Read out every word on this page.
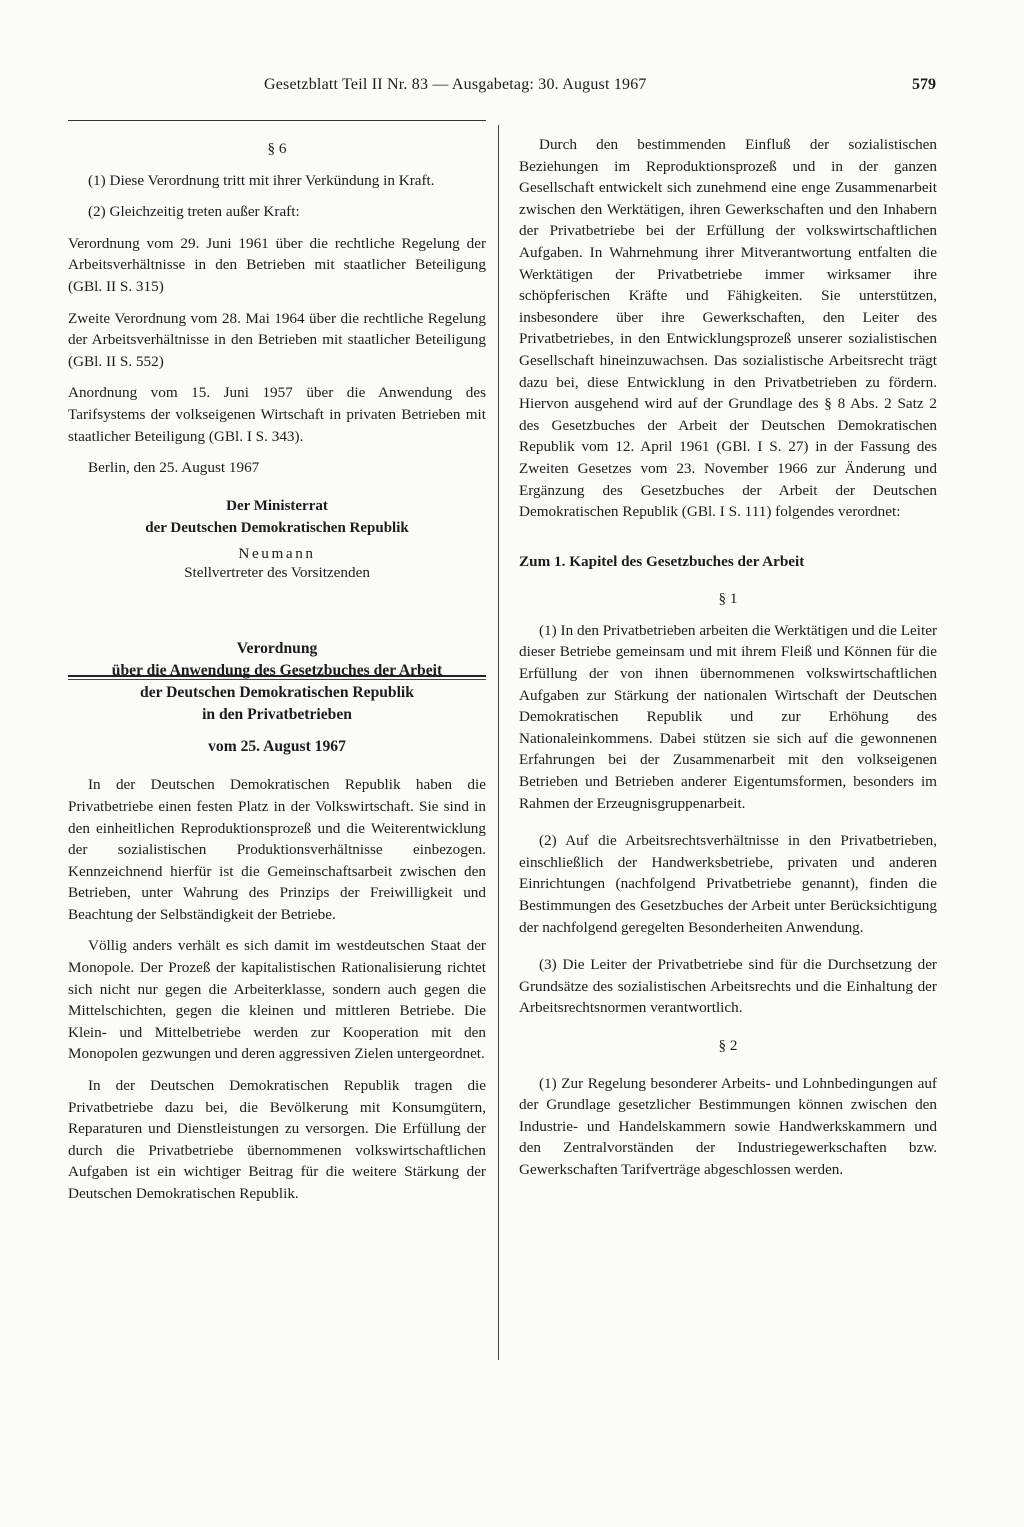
Gesetzblatt Teil II Nr. 83 — Ausgabetag: 30. August 1967	579

§ 6

(1) Diese Verordnung tritt mit ihrer Verkündung in Kraft.

(2) Gleichzeitig treten außer Kraft:

Verordnung vom 29. Juni 1961 über die rechtliche Regelung der Arbeitsverhältnisse in den Betrieben mit staatlicher Beteiligung (GBl. II S. 315)

Zweite Verordnung vom 28. Mai 1964 über die rechtliche Regelung der Arbeitsverhältnisse in den Betrieben mit staatlicher Beteiligung (GBl. II S. 552)

Anordnung vom 15. Juni 1957 über die Anwendung des Tarifsystems der volkseigenen Wirtschaft in privaten Betrieben mit staatlicher Beteiligung (GBl. I S. 343).

Berlin, den 25. August 1967

Der Ministerrat
der Deutschen Demokratischen Republik
Neumann
Stellvertreter des Vorsitzenden

Verordnung

über die Anwendung des Gesetzbuches der Arbeit

der Deutschen Demokratischen Republik

in den Privatbetrieben

vom 25. August 1967

In der Deutschen Demokratischen Republik haben die Privatbetriebe einen festen Platz in der Volkswirtschaft. Sie sind in den einheitlichen Reproduktionsprozeß und die Weiterentwicklung der sozialistischen Produktionsverhältnisse einbezogen. Kennzeichnend hierfür ist die Gemeinschaftsarbeit zwischen den Betrieben, unter Wahrung des Prinzips der Freiwilligkeit und Beachtung der Selbständigkeit der Betriebe.

Völlig anders verhält es sich damit im westdeutschen Staat der Monopole. Der Prozeß der kapitalistischen Rationalisierung richtet sich nicht nur gegen die Arbeiterklasse, sondern auch gegen die Mittelschichten, gegen die kleinen und mittleren Betriebe. Die Klein- und Mittelbetriebe werden zur Kooperation mit den Monopolen gezwungen und deren aggressiven Zielen untergeordnet.

In der Deutschen Demokratischen Republik tragen die Privatbetriebe dazu bei, die Bevölkerung mit Konsumgütern, Reparaturen und Dienstleistungen zu versorgen. Die Erfüllung der durch die Privatbetriebe übernommenen volkswirtschaftlichen Aufgaben ist ein wichtiger Beitrag für die weitere Stärkung der Deutschen Demokratischen Republik.

Durch den bestimmenden Einfluß der sozialistischen Beziehungen im Reproduktionsprozeß und in der ganzen Gesellschaft entwickelt sich zunehmend eine enge Zusammenarbeit zwischen den Werktätigen, ihren Gewerkschaften und den Inhabern der Privatbetriebe bei der Erfüllung der volkswirtschaftlichen Aufgaben. In Wahrnehmung ihrer Mitverantwortung entfalten die Werktätigen der Privatbetriebe immer wirksamer ihre schöpferischen Kräfte und Fähigkeiten. Sie unterstützen, insbesondere über ihre Gewerkschaften, den Leiter des Privatbetriebes, in den Entwicklungsprozeß unserer sozialistischen Gesellschaft hineinzuwachsen. Das sozialistische Arbeitsrecht trägt dazu bei, diese Entwicklung in den Privatbetrieben zu fördern. Hiervon ausgehend wird auf der Grundlage des § 8 Abs. 2 Satz 2 des Gesetzbuches der Arbeit der Deutschen Demokratischen Republik vom 12. April 1961 (GBl. I S. 27) in der Fassung des Zweiten Gesetzes vom 23. November 1966 zur Änderung und Ergänzung des Gesetzbuches der Arbeit der Deutschen Demokratischen Republik (GBl. I S. 111) folgendes verordnet:

Zum 1. Kapitel des Gesetzbuches der Arbeit

§ 1

(1) In den Privatbetrieben arbeiten die Werktätigen und die Leiter dieser Betriebe gemeinsam und mit ihrem Fleiß und Können für die Erfüllung der von ihnen übernommenen volkswirtschaftlichen Aufgaben zur Stärkung der nationalen Wirtschaft der Deutschen Demokratischen Republik und zur Erhöhung des Nationaleinkommens. Dabei stützen sie sich auf die gewonnenen Erfahrungen bei der Zusammenarbeit mit den volkseigenen Betrieben und Betrieben anderer Eigentumsformen, besonders im Rahmen der Erzeugnisgruppenarbeit.

(2) Auf die Arbeitsrechtsverhältnisse in den Privatbetrieben, einschließlich der Handwerksbetriebe, privaten und anderen Einrichtungen (nachfolgend Privatbetriebe genannt), finden die Bestimmungen des Gesetzbuches der Arbeit unter Berücksichtigung der nachfolgend geregelten Besonderheiten Anwendung.

(3) Die Leiter der Privatbetriebe sind für die Durchsetzung der Grundsätze des sozialistischen Arbeitsrechts und die Einhaltung der Arbeitsrechtsnormen verantwortlich.

§ 2

(1) Zur Regelung besonderer Arbeits- und Lohnbedingungen auf der Grundlage gesetzlicher Bestimmungen können zwischen den Industrie- und Handelskammern sowie Handwerkskammern und den Zentralvorständen der Industriegewerkschaften bzw. Gewerkschaften Tarifverträge abgeschlossen werden.
